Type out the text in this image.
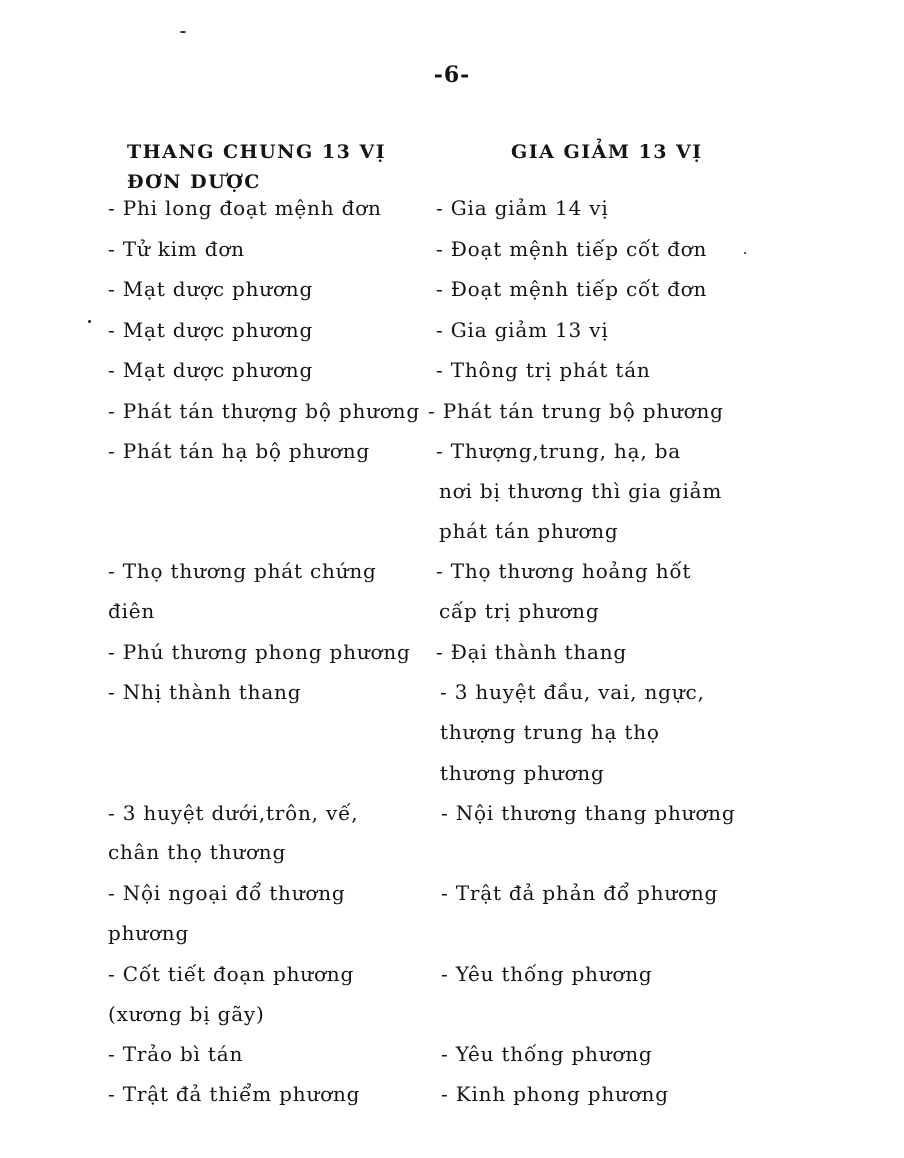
-6-
THANG CHUNG 13 VỊ
ĐƠN DƯỢC
GIA GIẢM 13 VỊ
- Phi long đoạt mệnh đơn
- Tử kim đơn
- Mạt dược phương
- Mạt dược phương
- Mạt dược phương
- Phát tán thượng bộ phương
- Phát tán hạ bộ phương
- Thọ thương phát chứng
điên
- Phú thương phong phương
- Nhị thành thang
- 3 huyệt dưới,trôn, vế,
chân thọ thương
- Nội ngoại đổ thương
phương
- Cốt tiết đoạn phương
(xương bị gãy)
- Trảo bì tán
- Trật đả thiểm phương
- Gia giảm 14 vị
- Đoạt mệnh tiếp cốt đơn
- Đoạt mệnh tiếp cốt đơn
- Gia giảm 13 vị
- Thông trị phát tán
- Phát tán trung bộ phương
- Thượng,trung, hạ, ba
nơi bị thương thì gia giảm
phát tán phương
- Thọ thương hoảng hốt
cấp trị phương
- Đại thành thang
- 3 huyệt đầu, vai, ngực,
thượng trung hạ thọ
thương phương
- Nội thương thang phương
- Trật đả phản đổ phương
- Yêu thống phương
- Yêu thống phương
- Kinh phong phương
